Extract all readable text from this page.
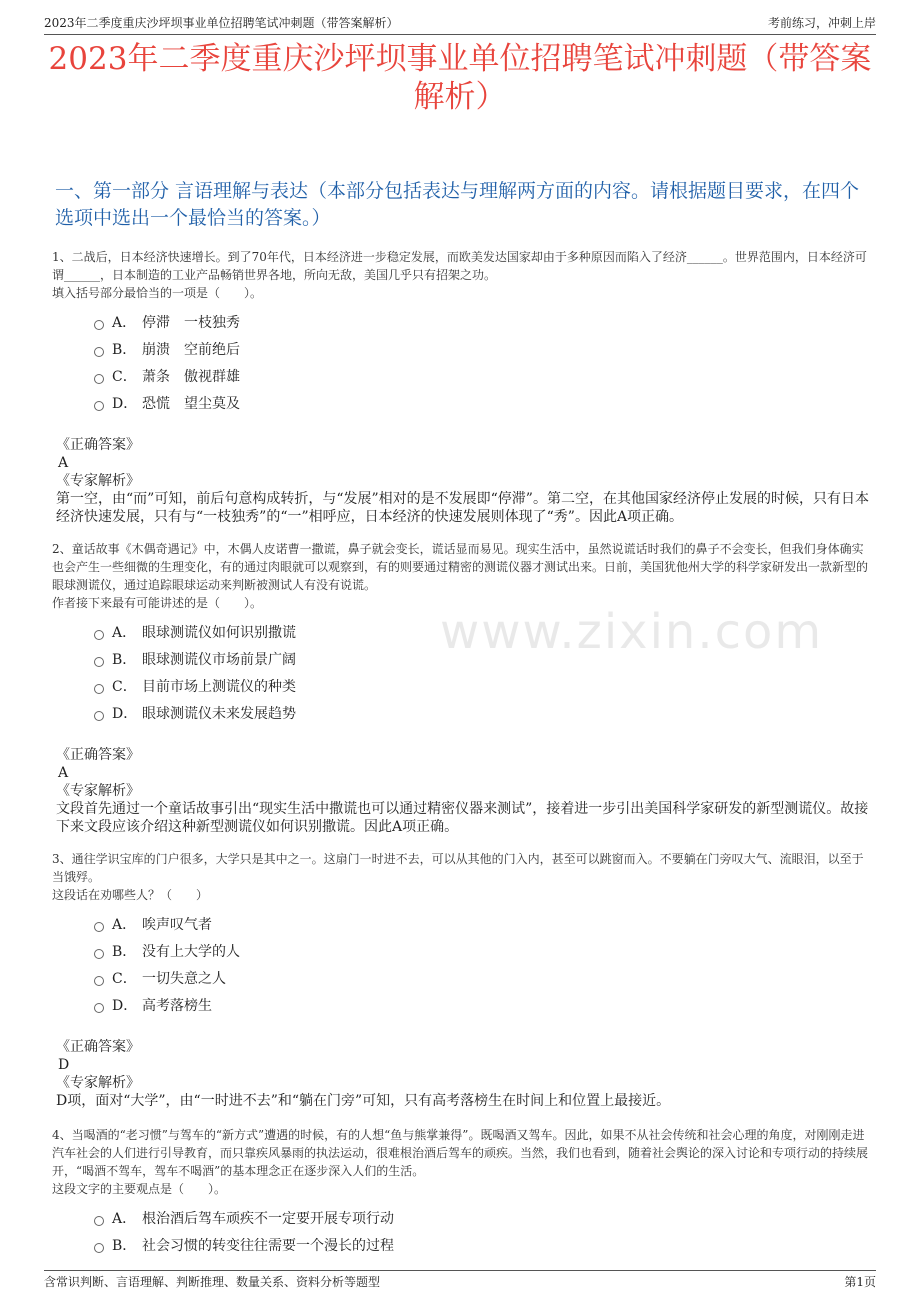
2023年二季度重庆沙坪坝事业单位招聘笔试冲刺题（带答案解析）	考前练习，冲刺上岸
2023年二季度重庆沙坪坝事业单位招聘笔试冲刺题（带答案解析）
一、第一部分 言语理解与表达（本部分包括表达与理解两方面的内容。请根据题目要求，在四个选项中选出一个最恰当的答案。）
www.zixin.com
1、二战后，日本经济快速增长。到了70年代，日本经济进一步稳定发展，而欧美发达国家却由于多种原因而陷入了经济______。世界范围内，日本经济可谓______，日本制造的工业产品畅销世界各地，所向无敌，美国几乎只有招架之功。
填入括号部分最恰当的一项是（　　）。
A． 停滞　一枝独秀
B． 崩溃　空前绝后
C． 萧条　傲视群雄
D． 恐慌　望尘莫及
《正确答案》
A
《专家解析》
第一空，由“而”可知，前后句意构成转折，与“发展”相对的是不发展即“停滞”。第二空，在其他国家经济停止发展的时候，只有日本经济快速发展，只有与“一枝独秀”的“一”相呼应，日本经济的快速发展则体现了“秀”。因此A项正确。
2、童话故事《木偶奇遇记》中，木偶人皮诺曹一撒谎，鼻子就会变长，谎话显而易见。现实生活中，虽然说谎话时我们的鼻子不会变长，但我们身体确实也会产生一些细微的生理变化，有的通过肉眼就可以观察到，有的则要通过精密的测谎仪器才测试出来。日前，美国犹他州大学的科学家研发出一款新型的眼球测谎仪，通过追踪眼球运动来判断被测试人有没有说谎。
作者接下来最有可能讲述的是（　　）。
A． 眼球测谎仪如何识别撒谎
B． 眼球测谎仪市场前景广阔
C． 目前市场上测谎仪的种类
D． 眼球测谎仪未来发展趋势
《正确答案》
A
《专家解析》
文段首先通过一个童话故事引出“现实生活中撒谎也可以通过精密仪器来测试”，接着进一步引出美国科学家研发的新型测谎仪。故接下来文段应该介绍这种新型测谎仪如何识别撒谎。因此A项正确。
3、通往学识宝库的门户很多，大学只是其中之一。这扇门一时进不去，可以从其他的门入内，甚至可以跳窗而入。不要躺在门旁叹大气、流眼泪，以至于当饿殍。
这段话在劝哪些人？（　　）
A． 唉声叹气者
B． 没有上大学的人
C． 一切失意之人
D． 高考落榜生
《正确答案》
D
《专家解析》
D项，面对“大学”，由“一时进不去”和“躺在门旁”可知，只有高考落榜生在时间上和位置上最接近。
4、当喝酒的“老习惯”与驾车的“新方式”遭遇的时候，有的人想“鱼与熊掌兼得”。既喝酒又驾车。因此，如果不从社会传统和社会心理的角度，对刚刚走进汽车社会的人们进行引导教育，而只靠疾风暴雨的执法运动，很难根治酒后驾车的顽疾。当然，我们也看到，随着社会舆论的深入讨论和专项行动的持续展开，“喝酒不驾车，驾车不喝酒”的基本理念正在逐步深入人们的生活。
这段文字的主要观点是（　　）。
A． 根治酒后驾车顽疾不一定要开展专项行动
B． 社会习惯的转变往往需要一个漫长的过程
含常识判断、言语理解、判断推理、数量关系、资料分析等题型	第1页
